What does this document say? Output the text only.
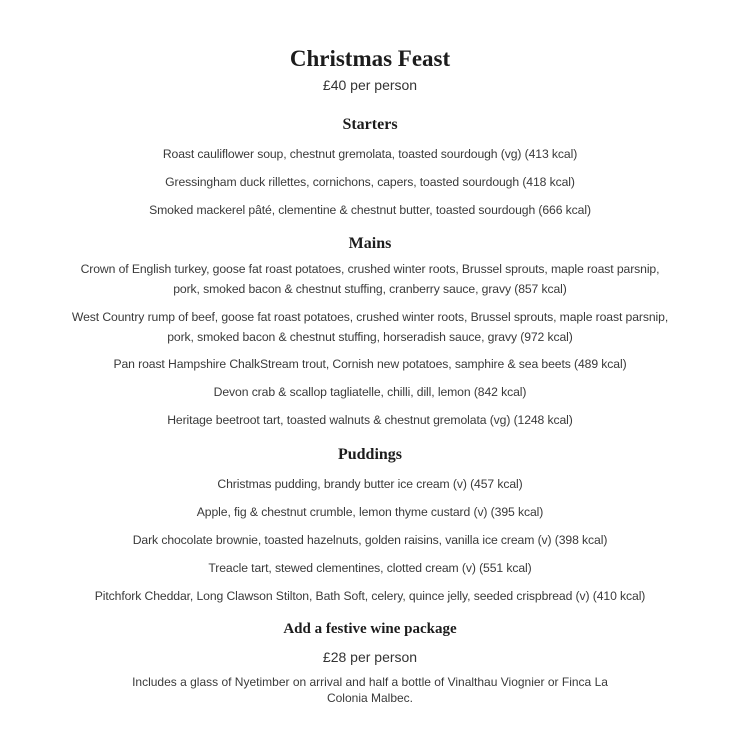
Christmas Feast
£40 per person
Starters
Roast cauliflower soup, chestnut gremolata, toasted sourdough (vg) (413 kcal)
Gressingham duck rillettes, cornichons, capers, toasted sourdough (418 kcal)
Smoked mackerel pâté, clementine & chestnut butter, toasted sourdough (666 kcal)
Mains
Crown of English turkey, goose fat roast potatoes, crushed winter roots, Brussel sprouts, maple roast parsnip, pork, smoked bacon & chestnut stuffing, cranberry sauce, gravy (857 kcal)
West Country rump of beef, goose fat roast potatoes, crushed winter roots, Brussel sprouts, maple roast parsnip, pork, smoked bacon & chestnut stuffing, horseradish sauce, gravy (972 kcal)
Pan roast Hampshire ChalkStream trout, Cornish new potatoes, samphire & sea beets (489 kcal)
Devon crab & scallop tagliatelle, chilli, dill, lemon (842 kcal)
Heritage beetroot tart, toasted walnuts & chestnut gremolata (vg) (1248 kcal)
Puddings
Christmas pudding, brandy butter ice cream (v) (457 kcal)
Apple, fig & chestnut crumble, lemon thyme custard (v) (395 kcal)
Dark chocolate brownie, toasted hazelnuts, golden raisins, vanilla ice cream (v) (398 kcal)
Treacle tart, stewed clementines, clotted cream (v) (551 kcal)
Pitchfork Cheddar, Long Clawson Stilton, Bath Soft, celery, quince jelly, seeded crispbread (v) (410 kcal)
Add a festive wine package
£28 per person
Includes a glass of Nyetimber on arrival and half a bottle of Vinalthau Viognier or Finca La Colonia Malbec.
